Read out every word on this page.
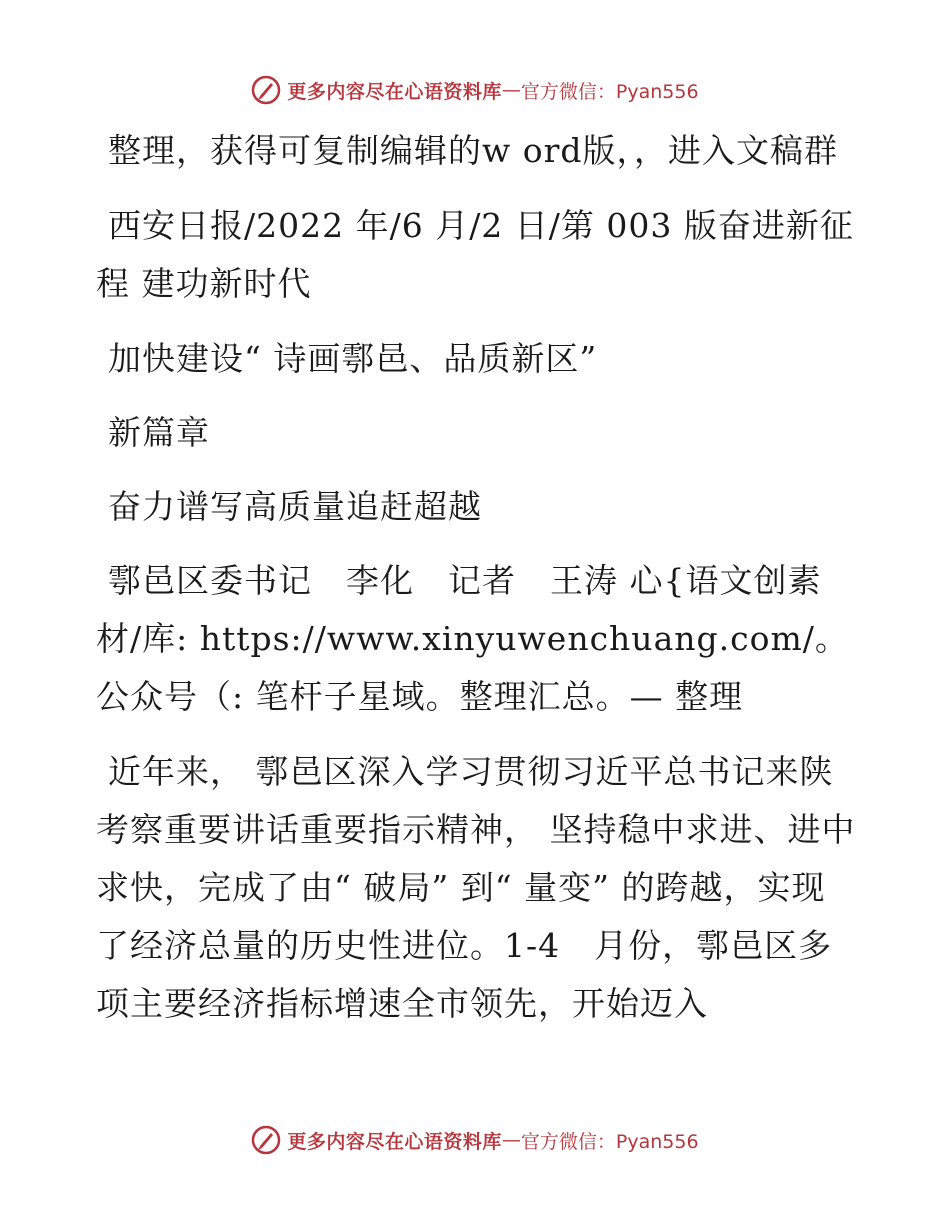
更多内容尽在心语资料库 — 官方微信：Pyan556

整理，获得可复制编辑的w ord版，，进入文稿群

西安日报/2022 年/6 月/2 日/第 003 版奋进新征程 建功新时代

加快建设“ 诗画鄠邑、品质新区”

新篇章

奋力谱写高质量追赶超越

鄠邑区委书记　李化　记者　王涛 心{语文创素材/库: https://www.xinyuwenchuang.com/。公众号（: 笔杆子星域。整理汇总。— 整理

近年来， 鄠邑区深入学习贯彻习近平总书记来陕考察重要讲话重要指示精神， 坚持稳中求进、进中求快，完成了由“ 破局” 到“ 量变” 的跨越，实现了经济总量的历史性进位。1-4　月份，鄠邑区多项主要经济指标增速全市领先，开始迈入

更多内容尽在心语资料库 — 官方微信：Pyan556
